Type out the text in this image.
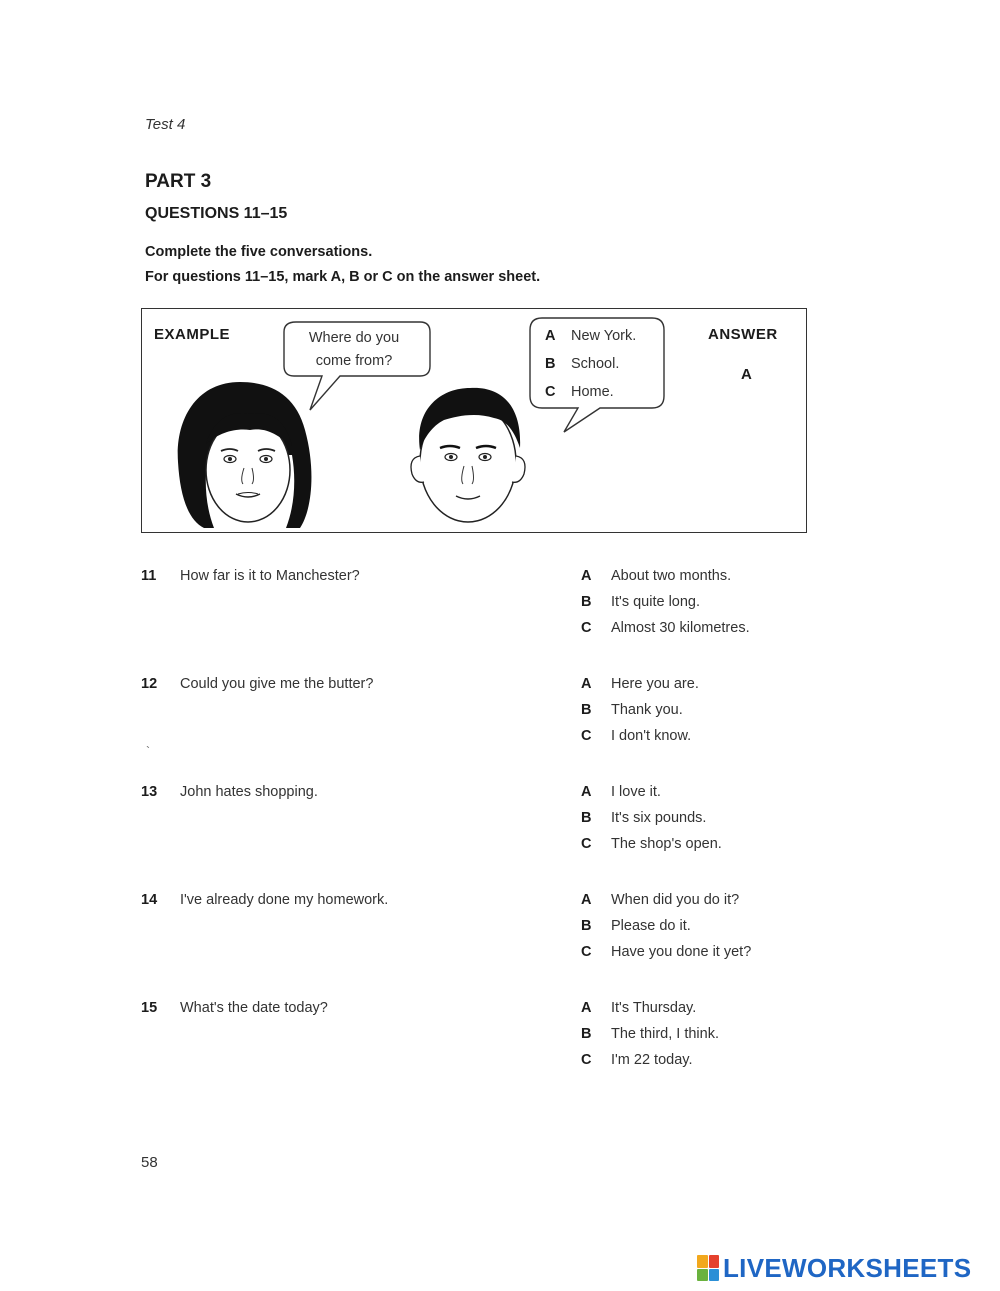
Test 4
PART 3
QUESTIONS 11–15
Complete the five conversations.
For questions 11–15, mark A, B or C on the answer sheet.
EXAMPLE	Where do you
come from?
A New York.
B School.
C Home.
ANSWER
A
11	How far is it to Manchester?	A About two months.
B It's quite long.
C Almost 30 kilometres.
12	Could you give me the butter?	A Here you are.
B Thank you.
C I don't know.
`
13	John hates shopping.	A I love it.
B It's six pounds.
C The shop's open.
14	I've already done my homework.	A When did you do it?
B Please do it.
C Have you done it yet?
15	What's the date today?	A It's Thursday.
B The third, I think.
C I'm 22 today.
58
LIVEWORKSHEETS
